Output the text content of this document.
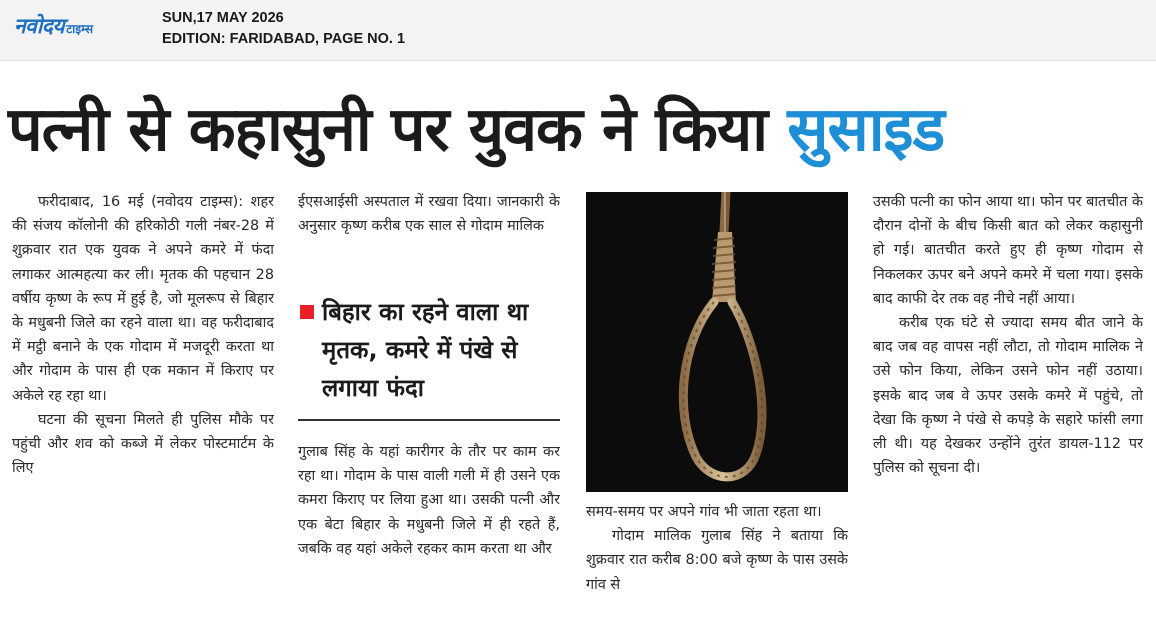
नवोदय टाइम्स
SUN,17 MAY 2026
EDITION: FARIDABAD, PAGE NO. 1
पत्नी से कहासुनी पर युवक ने किया सुसाइड

फरीदाबाद, 16 मई (नवोदय टाइम्स): शहर की संजय कॉलोनी की हरिकोठी गली नंबर-28 में शुक्रवार रात एक युवक ने अपने कमरे में फंदा लगाकर आत्महत्या कर ली। मृतक की पहचान 28 वर्षीय कृष्ण के रूप में हुई है, जो मूलरूप से बिहार के मधुबनी जिले का रहने वाला था। वह फरीदाबाद में मट्ठी बनाने के एक गोदाम में मजदूरी करता था और गोदाम के पास ही एक मकान में किराए पर अकेले रह रहा था।

घटना की सूचना मिलते ही पुलिस मौके पर पहुंची और शव को कब्जे में लेकर पोस्टमार्टम के लिए

ईएसआईसी अस्पताल में रखवा दिया। जानकारी के अनुसार कृष्ण करीब एक साल से गोदाम मालिक

बिहार का रहने वाला था मृतक, कमरे में पंखे से लगाया फंदा

गुलाब सिंह के यहां कारीगर के तौर पर काम कर रहा था। गोदाम के पास वाली गली में ही उसने एक कमरा किराए पर लिया हुआ था। उसकी पत्नी और एक बेटा बिहार के मधुबनी जिले में ही रहते हैं, जबकि वह यहां अकेले रहकर काम करता था और

समय-समय पर अपने गांव भी जाता रहता था।

गोदाम मालिक गुलाब सिंह ने बताया कि शुक्रवार रात करीब 8:00 बजे कृष्ण के पास उसके गांव से

उसकी पत्नी का फोन आया था। फोन पर बातचीत के दौरान दोनों के बीच किसी बात को लेकर कहासुनी हो गई। बातचीत करते हुए ही कृष्ण गोदाम से निकलकर ऊपर बने अपने कमरे में चला गया। इसके बाद काफी देर तक वह नीचे नहीं आया।

करीब एक घंटे से ज्यादा समय बीत जाने के बाद जब वह वापस नहीं लौटा, तो गोदाम मालिक ने उसे फोन किया, लेकिन उसने फोन नहीं उठाया। इसके बाद जब वे ऊपर उसके कमरे में पहुंचे, तो देखा कि कृष्ण ने पंखे से कपड़े के सहारे फांसी लगा ली थी। यह देखकर उन्होंने तुरंत डायल-112 पर पुलिस को सूचना दी।
